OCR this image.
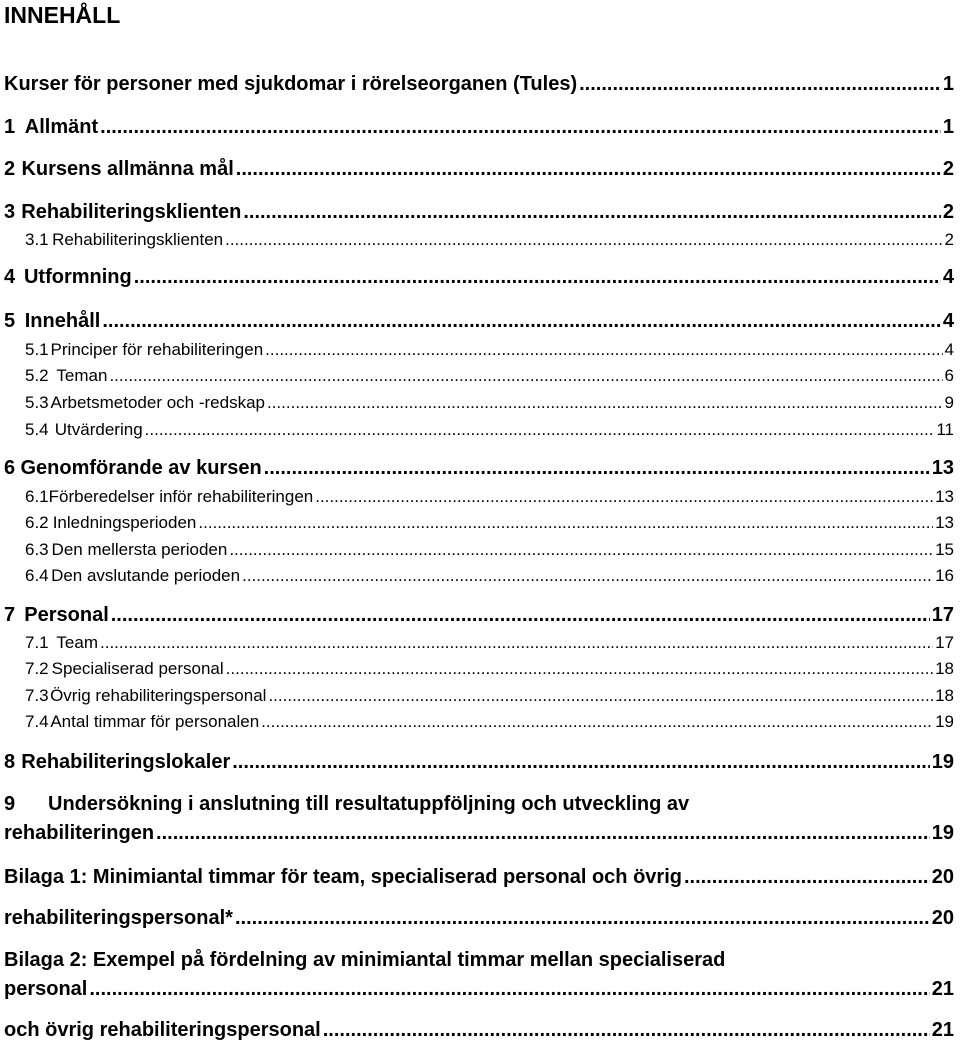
INNEHÅLL
Kurser för personer med sjukdomar i rörelseorganen (Tules) .....	1
1 Allmänt .....	1
2 Kursens allmänna mål .....	2
3 Rehabiliteringsklienten .....	2
3.1 Rehabiliteringsklienten .....	2
4 Utformning .....	4
5 Innehåll .....	4
5.1 Principer för rehabiliteringen .....	4
5.2 Teman .....	6
5.3 Arbetsmetoder och -redskap .....	9
5.4 Utvärdering .....	11
6 Genomförande av kursen .....	13
6.1 Förberedelser inför rehabiliteringen .....	13
6.2 Inledningsperioden .....	13
6.3 Den mellersta perioden .....	15
6.4 Den avslutande perioden .....	16
7 Personal .....	17
7.1 Team .....	17
7.2 Specialiserad personal .....	18
7.3 Övrig rehabiliteringspersonal .....	18
7.4 Antal timmar för personalen .....	19
8 Rehabiliteringslokaler .....	19
9 Undersökning i anslutning till resultatuppföljning och utveckling av
rehabiliteringen .....	19
Bilaga 1: Minimiantal timmar för team, specialiserad personal och övrig .....	20
rehabiliteringspersonal* .....	20
Bilaga 2: Exempel på fördelning av minimiantal timmar mellan specialiserad
personal .....	21
och övrig rehabiliteringspersonal .....	21
